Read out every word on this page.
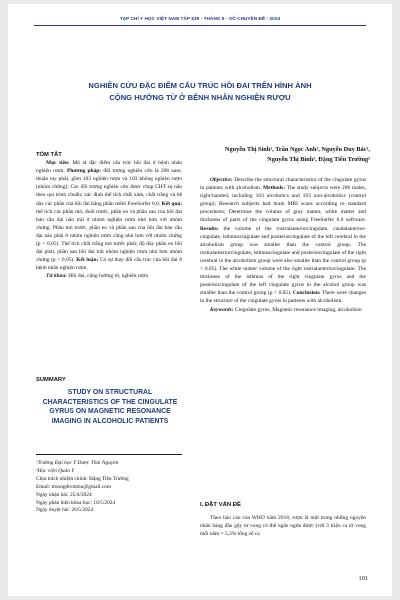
TẠP CHÍ Y HỌC VIỆT NAM TẬP 539 - THÁNG 6 - SỐ CHUYÊN ĐỀ - 2024
NGHIÊN CỨU ĐẶC ĐIỂM CẤU TRÚC HỒI ĐAI TRÊN HÌNH ẢNH
CỘNG HƯỞNG TỪ Ở BỆNH NHÂN NGHIỆN RƯỢU
Nguyễn Thị Sinh¹, Trần Ngọc Anh², Nguyễn Duy Bắc²,
Nguyễn Thị Bình¹, Đặng Tiến Trường²
TÓM TẮT

Mục tiêu: Mô tả đặc điểm cấu trúc hồi đai ở bệnh nhân nghiện rượu. Phương pháp: đối tượng nghiên cứu là 206 nam, thuận tay phải, gồm 103 nghiện rượu và 103 không nghiện rượu (nhóm chứng); Các đối tượng nghiên cứu được chụp CHT sọ não theo qui trình chuẩn; xác định thể tích chất xám, chất trắng và bề dày các phần của hồi đai bằng phần mềm FreeSurfer 6.0. Kết quả: thể tích các phần mỏ, đuôi trước, phần eo và phần sau của hồi đai bán cầu đại não trái ở nhóm nghiện rượu nhỏ hơn với nhóm chứng. Phần mỏ trước, phần eo và phần sau của hồi đai bán cầu đại não phải ở nhóm nghiện rượu cũng nhỏ hơn với nhóm chứng (p < 0,05). Thể tích chất trắng mỏ trước phải; độ dày phần eo hồi đai phải, phần sau hồi đai trái nhóm nghiện rượu nhỏ hơn nhóm chứng (p < 0,05). Kết luận: Có sự thay đổi cấu trúc của hồi đai ở bệnh nhân nghiện rượu.

Từ khóa: Hồi đai, cộng hưởng từ, nghiện rượu

SUMMARY
STUDY ON STRUCTURAL CHARACTERISTICS OF THE CINGULATE GYRUS ON MAGNETIC RESONANCE IMAGING IN ALCOHOLIC PATIENTS
¹Trường Đại học Y Dược Thái Nguyên
²Học viện Quân Y
Chịu trách nhiệm chính: Đặng Tiến Trường
Email: truongdtvmmu@gmail.com
Ngày nhận bài: 25/4/2024
Ngày phản biện khoa học: 10/5/2024
Ngày duyệt bài: 26/5/2024

Objective: Describe the structural characteristics of the cingulate gyrus in patients with alcoholism. Methods: The study subjects were 206 males, right-handed, including 103 alcoholics and 103 non-alcoholics (control group); Research subjects had brain MRI scans according to standard procedures; Determine the volume of gray matter, white matter and thickness of parts of the cingulate gyrus using FreeSurfer 6.0 software. Results: the volume of the rostralanteriorcingulate, caudalanterior-cingulate, isthmuscingulate and posteriorcingulate of the left cerebral in the alcoholism group was smaller than the control group. The rostralanteriorcingulate, isthmuscingulate and posteriorcingulate of the right cerebral in the alcoholism group were also smaller than the control group (p < 0.05). The white matter volume of the right rostralanteriorcingulate; The thickness of the isthmus of the right cingulate gyrus and the posteriorcingulate of the left cingulate gyrus in the alcohol group was smaller than the control group (p < 0.05). Conclusion: There were changes in the structure of the cingulate gyrus in patients with alcoholism.

Keywords: Cingulate gyrus, Magnetic resonance imaging, alcoholism

I. ĐẶT VẤN ĐỀ

Theo báo cáo của WHO năm 2018, rượu là một trong những nguyên nhân hàng đầu gây tử vong cỏ thể ngăn ngừa được (với 3 triệu ca tử vong mỗi năm = 5,3% tổng số ca

101
